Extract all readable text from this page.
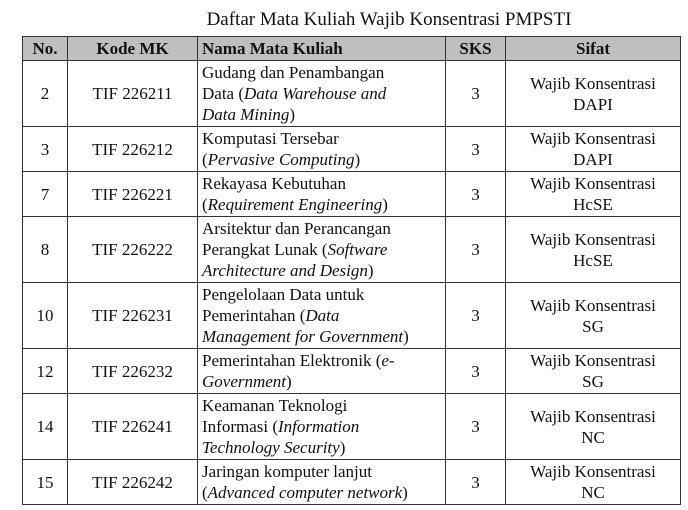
Daftar Mata Kuliah Wajib Konsentrasi PMPSTI
No.	Kode MK	Nama Mata Kuliah	SKS	Sifat
2	TIF 226211	Gudang dan Penambangan
Data (Data Warehouse and
Data Mining)	3	Wajib Konsentrasi
DAPI
3	TIF 226212	Komputasi Tersebar
(Pervasive Computing)	3	Wajib Konsentrasi
DAPI
7	TIF 226221	Rekayasa Kebutuhan
(Requirement Engineering)	3	Wajib Konsentrasi
HcSE
8	TIF 226222	Arsitektur dan Perancangan
Perangkat Lunak (Software
Architecture and Design)	3	Wajib Konsentrasi
HcSE
10	TIF 226231	Pengelolaan Data untuk
Pemerintahan (Data
Management for Government)	3	Wajib Konsentrasi
SG
12	TIF 226232	Pemerintahan Elektronik (e-
Government)	3	Wajib Konsentrasi
SG
14	TIF 226241	Keamanan Teknologi
Informasi (Information
Technology Security)	3	Wajib Konsentrasi
NC
15	TIF 226242	Jaringan komputer lanjut
(Advanced computer network)	3	Wajib Konsentrasi
NC
